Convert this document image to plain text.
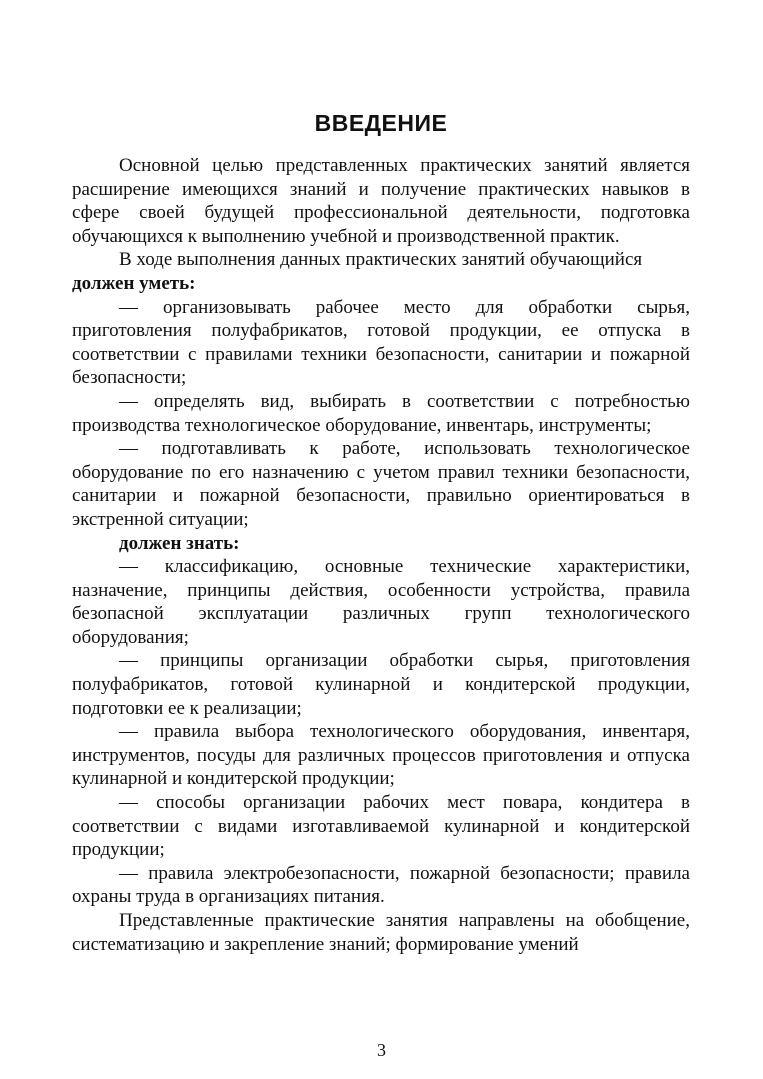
ВВЕДЕНИЕ

Основной целью представленных практических занятий является расширение имеющихся знаний и получение практических навыков в сфере своей будущей профессиональной деятельности, подготовка обучающихся к выполнению учебной и производственной практик.

В ходе выполнения данных практических занятий обучающийся

должен уметь:

— организовывать рабочее место для обработки сырья, приготовления полуфабрикатов, готовой продукции, ее отпуска в соответствии с правилами техники безопасности, санитарии и пожарной безопасности;

— определять вид, выбирать в соответствии с потребностью производства технологическое оборудование, инвентарь, инструменты;

— подготавливать к работе, использовать технологическое оборудование по его назначению с учетом правил техники безопасности, санитарии и пожарной безопасности, правильно ориентироваться в экстренной ситуации;

должен знать:

— классификацию, основные технические характеристики, назначение, принципы действия, особенности устройства, правила безопасной эксплуатации различных групп технологического оборудования;

— принципы организации обработки сырья, приготовления полуфабрикатов, готовой кулинарной и кондитерской продукции, подготовки ее к реализации;

— правила выбора технологического оборудования, инвентаря, инструментов, посуды для различных процессов приготовления и отпуска кулинарной и кондитерской продукции;

— способы организации рабочих мест повара, кондитера в соответствии с видами изготавливаемой кулинарной и кондитерской продукции;

— правила электробезопасности, пожарной безопасности; правила охраны труда в организациях питания.

Представленные практические занятия направлены на обобщение, систематизацию и закрепление знаний; формирование умений

3
